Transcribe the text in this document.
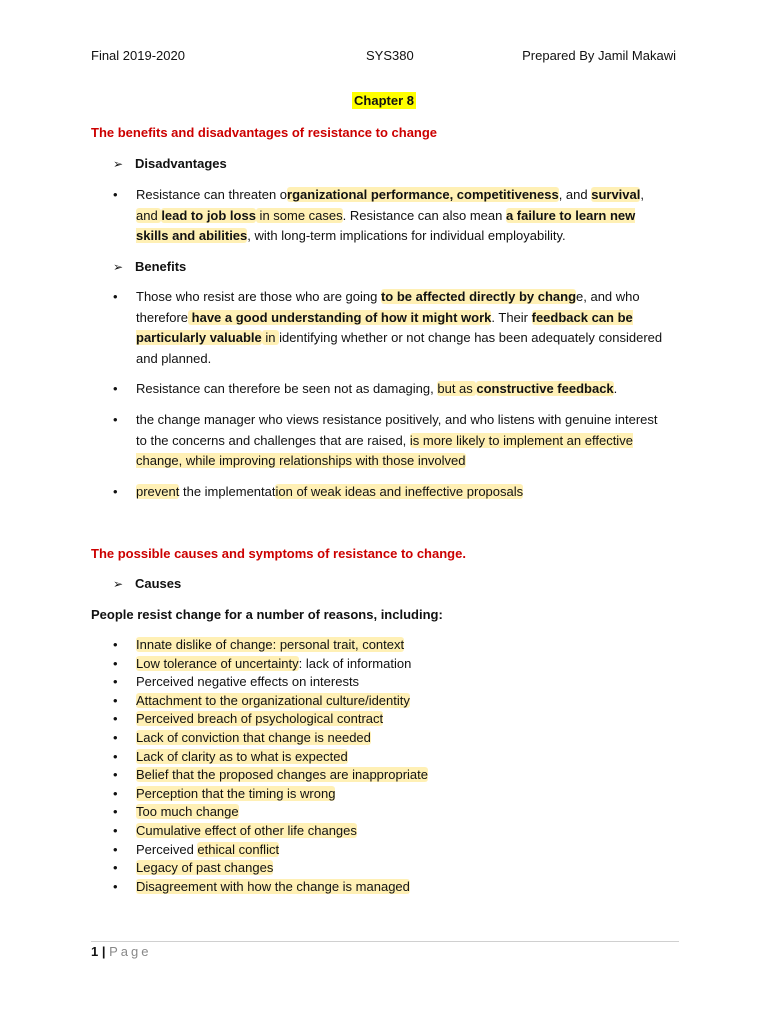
Final 2019-2020	SYS380	Prepared By Jamil Makawi
Chapter 8
The benefits and disadvantages of resistance to change
➢ Disadvantages
• Resistance can threaten organizational performance, competitiveness, and survival,
and lead to job loss in some cases. Resistance can also mean a failure to learn new skills and abilities, with long-term implications for individual employability.
➢ Benefits
• Those who resist are those who are going to be affected directly by change, and who therefore have a good understanding of how it might work. Their feedback can be particularly valuable in identifying whether or not change has been adequately considered and planned.
• Resistance can therefore be seen not as damaging, but as constructive feedback.
• the change manager who views resistance positively, and who listens with genuine interest to the concerns and challenges that are raised, is more likely to implement an effective change, while improving relationships with those involved
• prevent the implementation of weak ideas and ineffective proposals
The possible causes and symptoms of resistance to change.
➢ Causes
People resist change for a number of reasons, including:
• Innate dislike of change: personal trait, context
• Low tolerance of uncertainty: lack of information
• Perceived negative effects on interests
• Attachment to the organizational culture/identity
• Perceived breach of psychological contract
• Lack of conviction that change is needed
• Lack of clarity as to what is expected
• Belief that the proposed changes are inappropriate
• Perception that the timing is wrong
• Too much change
• Cumulative effect of other life changes
• Perceived ethical conflict
• Legacy of past changes
• Disagreement with how the change is managed
1 | Page
